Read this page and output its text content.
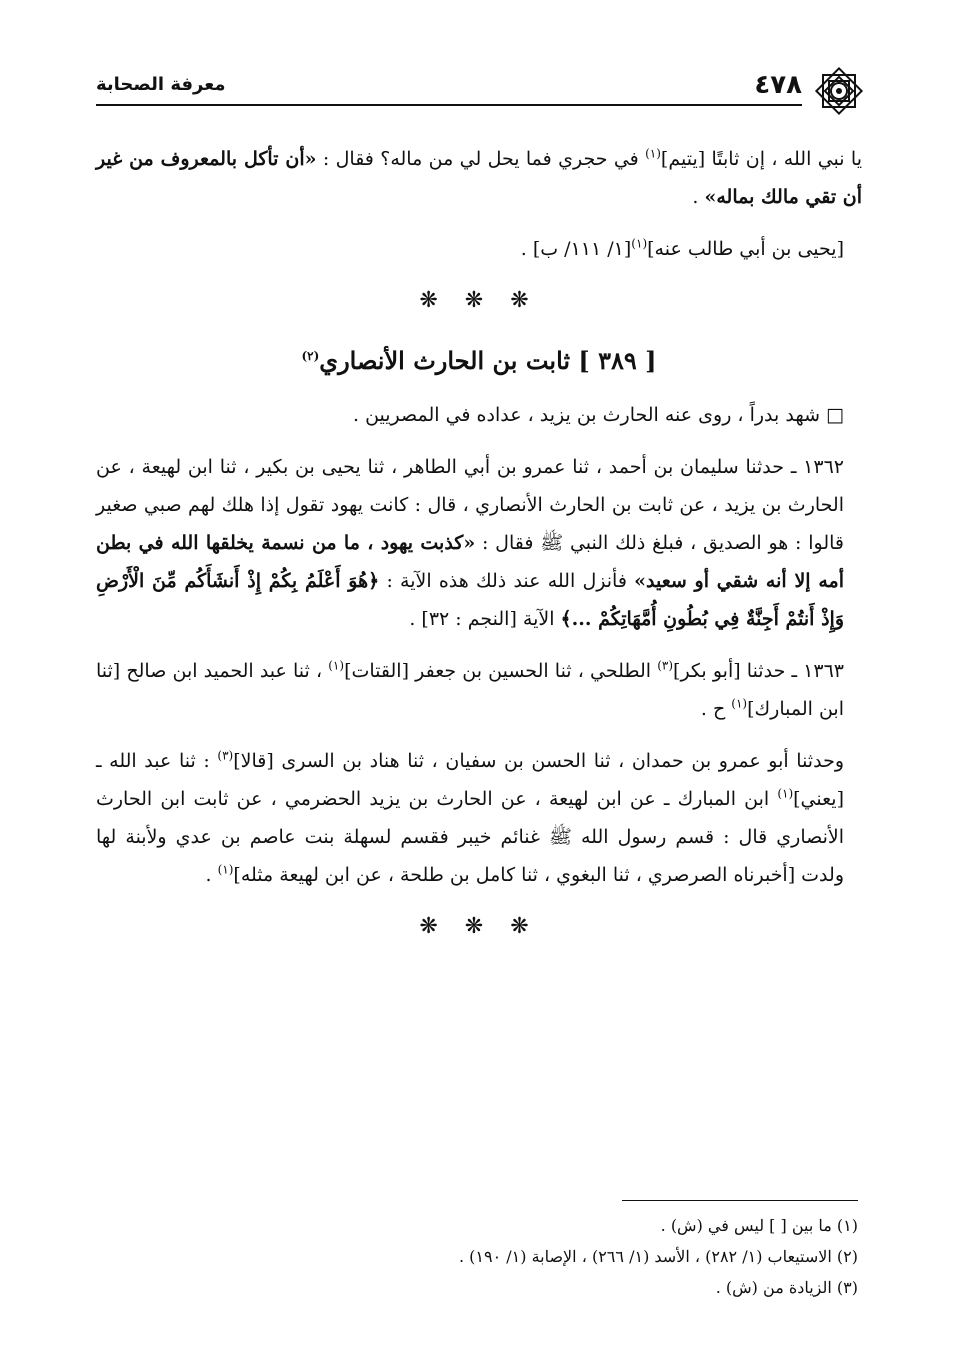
٤٧٨
معرفة الصحابة

يا نبي الله ، إن ثابتًا [يتيم]$^{(١)}$ في حجري فما يحل لي من ماله؟ فقال : «أن تأكل بالمعروف من غير أن تقي مالك بماله» .

[يحيى بن أبي طالب عنه]$^{(١)}$[١/ ١١١/ ب] .

❋ ❋ ❋
[ ٣٨٩ ] ثابت بن الحارث الأنصاري$^{(٢)}$

□ شهد بدراً ، روى عنه الحارث بن يزيد ، عداده في المصريين .

١٣٦٢ ـ حدثنا سليمان بن أحمد ، ثنا عمرو بن أبي الطاهر ، ثنا يحيى بن بكير ، ثنا ابن لهيعة ، عن الحارث بن يزيد ، عن ثابت بن الحارث الأنصاري ، قال : كانت يهود تقول إذا هلك لهم صبي صغير قالوا : هو الصديق ، فبلغ ذلك النبي ﷺ فقال : «كذبت يهود ، ما من نسمة يخلقها الله في بطن أمه إلا أنه شقي أو سعيد» فأنزل الله عند ذلك هذه الآية : ﴿هُوَ أَعْلَمُ بِكُمْ إِذْ أَنشَأَكُم مِّنَ الْأَرْضِ وَإِذْ أَنتُمْ أَجِنَّةٌ فِي بُطُونِ أُمَّهَاتِكُمْ ...﴾ الآية [النجم : ٣٢] .

١٣٦٣ ـ حدثنا [أبو بكر]$^{(٣)}$ الطلحي ، ثنا الحسين بن جعفر [القتات]$^{(١)}$ ، ثنا عبد الحميد ابن صالح [ثنا ابن المبارك]$^{(١)}$ ح .

وحدثنا أبو عمرو بن حمدان ، ثنا الحسن بن سفيان ، ثنا هناد بن السرى [قالا]$^{(٣)}$ : ثنا عبد الله ـ [يعني]$^{(١)}$ ابن المبارك ـ عن ابن لهيعة ، عن الحارث بن يزيد الحضرمي ، عن ثابت ابن الحارث الأنصاري قال : قسم رسول الله ﷺ غنائم خيبر فقسم لسهلة بنت عاصم بن عدي ولأبنة لها ولدت [أخبرناه الصرصري ، ثنا البغوي ، ثنا كامل بن طلحة ، عن ابن لهيعة مثله]$^{(١)}$ .

❋ ❋ ❋
(١) ما بين [ ] ليس في (ش) .
(٢) الاستيعاب (١/ ٢٨٢) ، الأسد (١/ ٢٦٦) ، الإصابة (١/ ١٩٠) .
(٣) الزيادة من (ش) .
